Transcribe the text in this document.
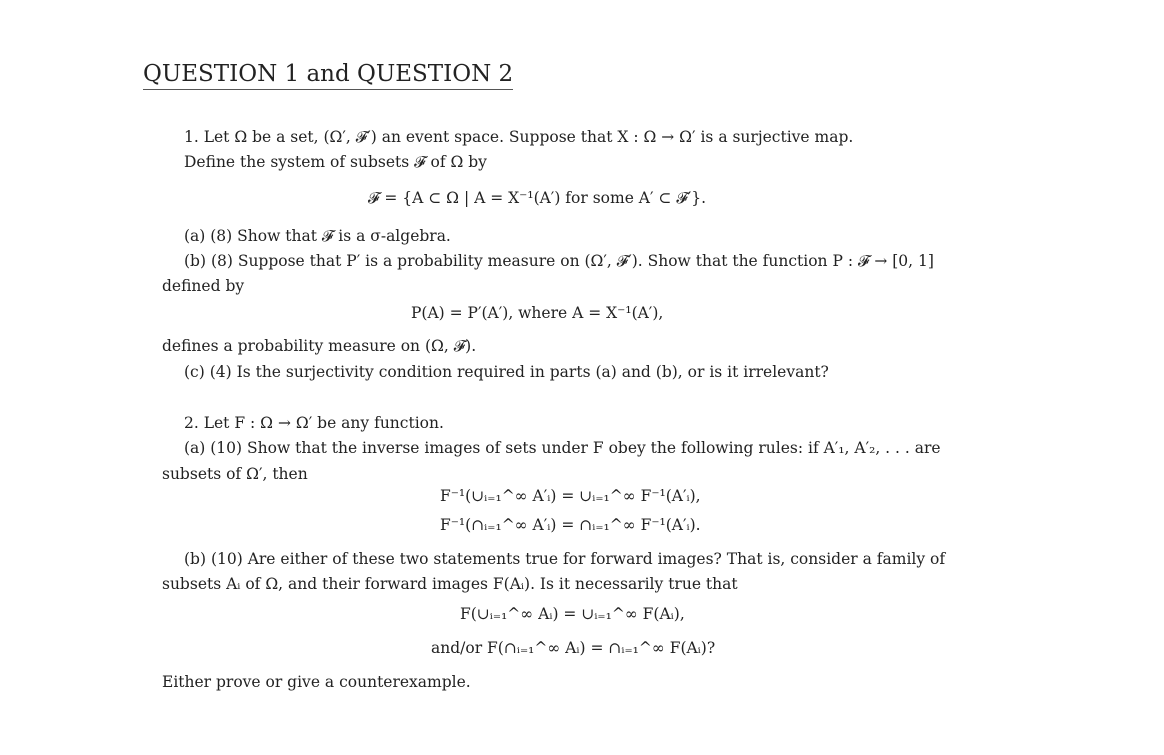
QUESTION 1 and QUESTION 2
1. Let Ω be a set, (Ω′, 𝓕′) an event space. Suppose that X : Ω → Ω′ is a surjective map.
Define the system of subsets 𝓕 of Ω by
𝓕 = {A ⊂ Ω | A = X⁻¹(A′) for some A′ ⊂ 𝓕′}.
(a) (8) Show that 𝓕 is a σ-algebra.
(b) (8) Suppose that P′ is a probability measure on (Ω′, 𝓕′). Show that the function P : 𝓕 → [0, 1]
defined by
P(A) = P′(A′), where A = X⁻¹(A′),
defines a probability measure on (Ω, 𝓕).
(c) (4) Is the surjectivity condition required in parts (a) and (b), or is it irrelevant?
2. Let F : Ω → Ω′ be any function.
(a) (10) Show that the inverse images of sets under F obey the following rules: if A′₁, A′₂, . . . are
subsets of Ω′, then
F⁻¹(∪ᵢ₌₁^∞ A′ᵢ) = ∪ᵢ₌₁^∞ F⁻¹(A′ᵢ),
F⁻¹(∩ᵢ₌₁^∞ A′ᵢ) = ∩ᵢ₌₁^∞ F⁻¹(A′ᵢ).
(b) (10) Are either of these two statements true for forward images? That is, consider a family of
subsets Aᵢ of Ω, and their forward images F(Aᵢ). Is it necessarily true that
F(∪ᵢ₌₁^∞ Aᵢ) = ∪ᵢ₌₁^∞ F(Aᵢ),
and/or F(∩ᵢ₌₁^∞ Aᵢ) = ∩ᵢ₌₁^∞ F(Aᵢ)?
Either prove or give a counterexample.
